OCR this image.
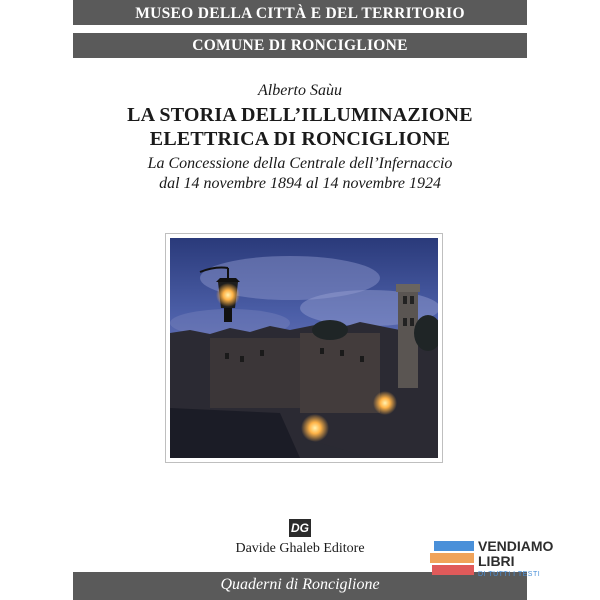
MUSEO DELLA CITTÀ E DEL TERRITORIO
COMUNE DI RONCIGLIONE
Alberto Saùu
LA STORIA DELL’ILLUMINAZIONE
ELETTRICA DI RONCIGLIONE
La Concessione della Centrale dell’Infernaccio
dal 14 novembre 1894 al 14 novembre 1924
DG
Davide Ghaleb Editore
Quaderni di Ronciglione
VENDIAMO
LIBRI
DI TUTTI I TESTI
